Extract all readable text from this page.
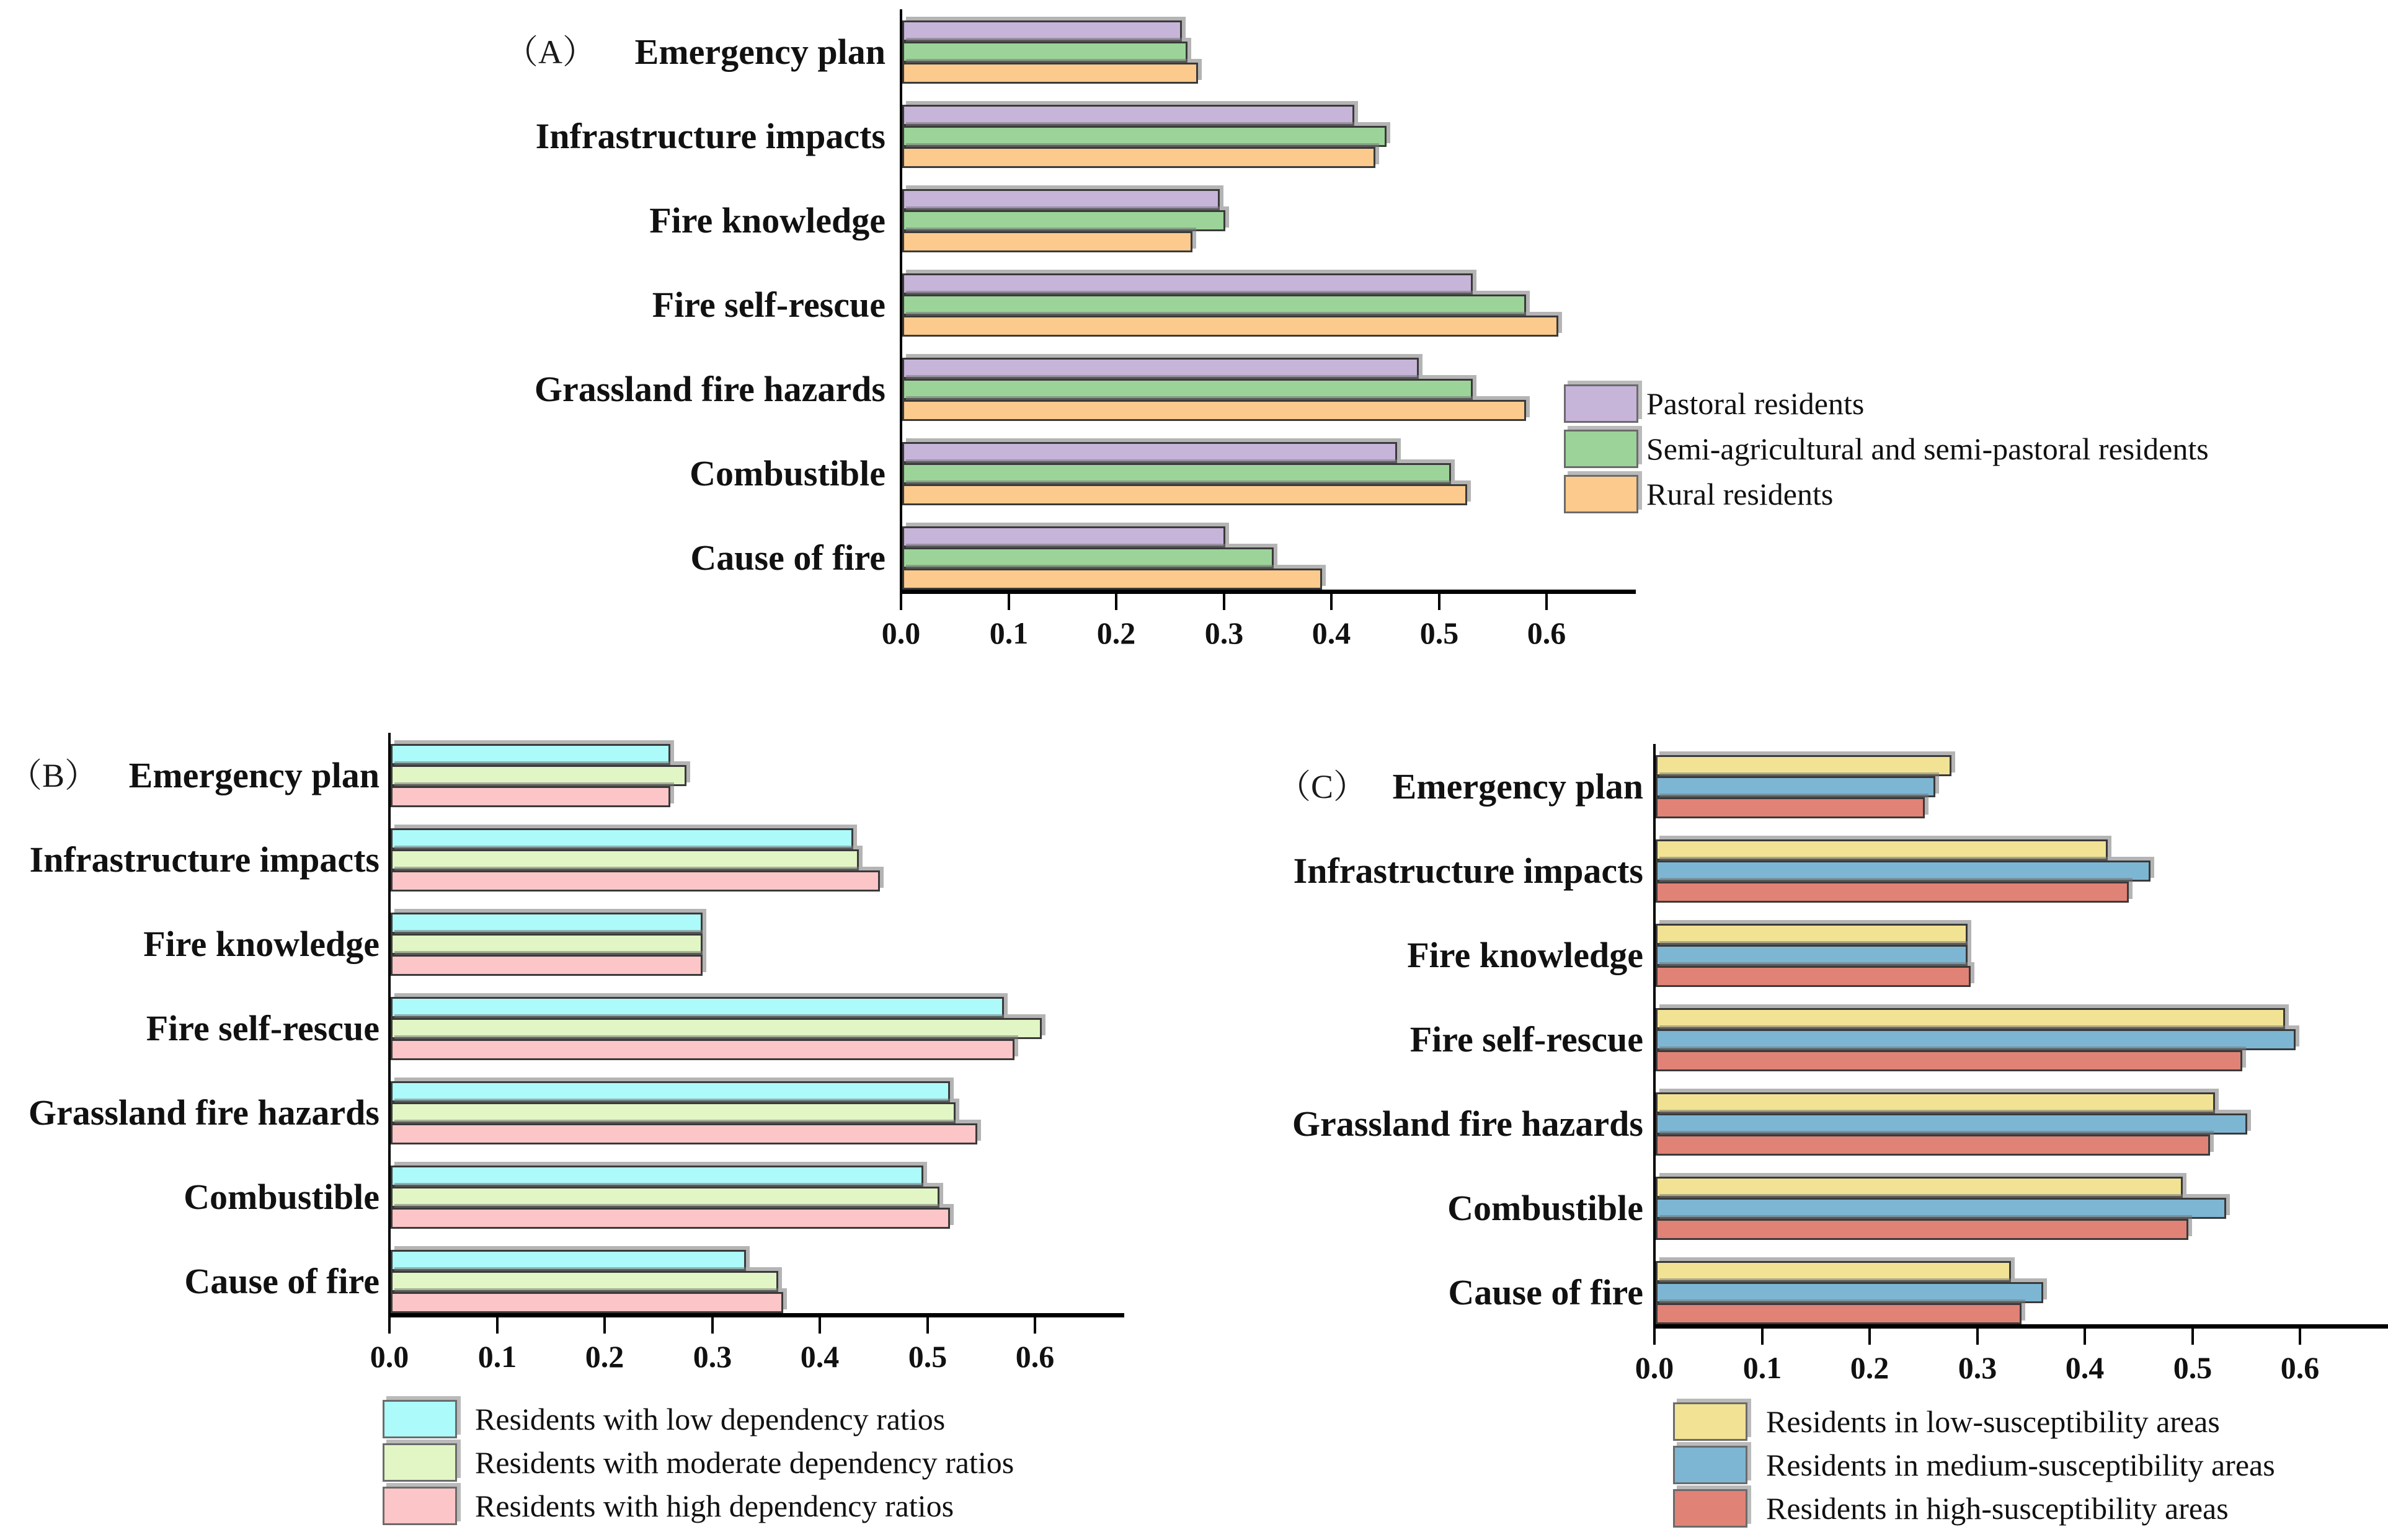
（A）	Emergency plan
Infrastructure impacts
Fire knowledge
Fire self-rescue
Grassland fire hazards
Combustible
Cause of fire
0.0	0.1	0.2	0.3	0.4	0.5	0.6
Pastoral residents
Semi-agricultural and semi-pastoral residents
Rural residents
（B） Emergency plan
Infrastructure impacts
Fire knowledge
Fire self-rescue
Grassland fire hazards
Combustible
Cause of fire
0.0	0.1	0.2	0.3	0.4	0.5	0.6
Residents with low dependency ratios
Residents with moderate dependency ratios
Residents with high dependency ratios
（C） Emergency plan
Infrastructure impacts
Fire knowledge
Fire self-rescue
Grassland fire hazards
Combustible
Cause of fire
0.0	0.1	0.2	0.3	0.4	0.5	0.6
Residents in low-susceptibility areas
Residents in medium-susceptibility areas
Residents in high-susceptibility areas
